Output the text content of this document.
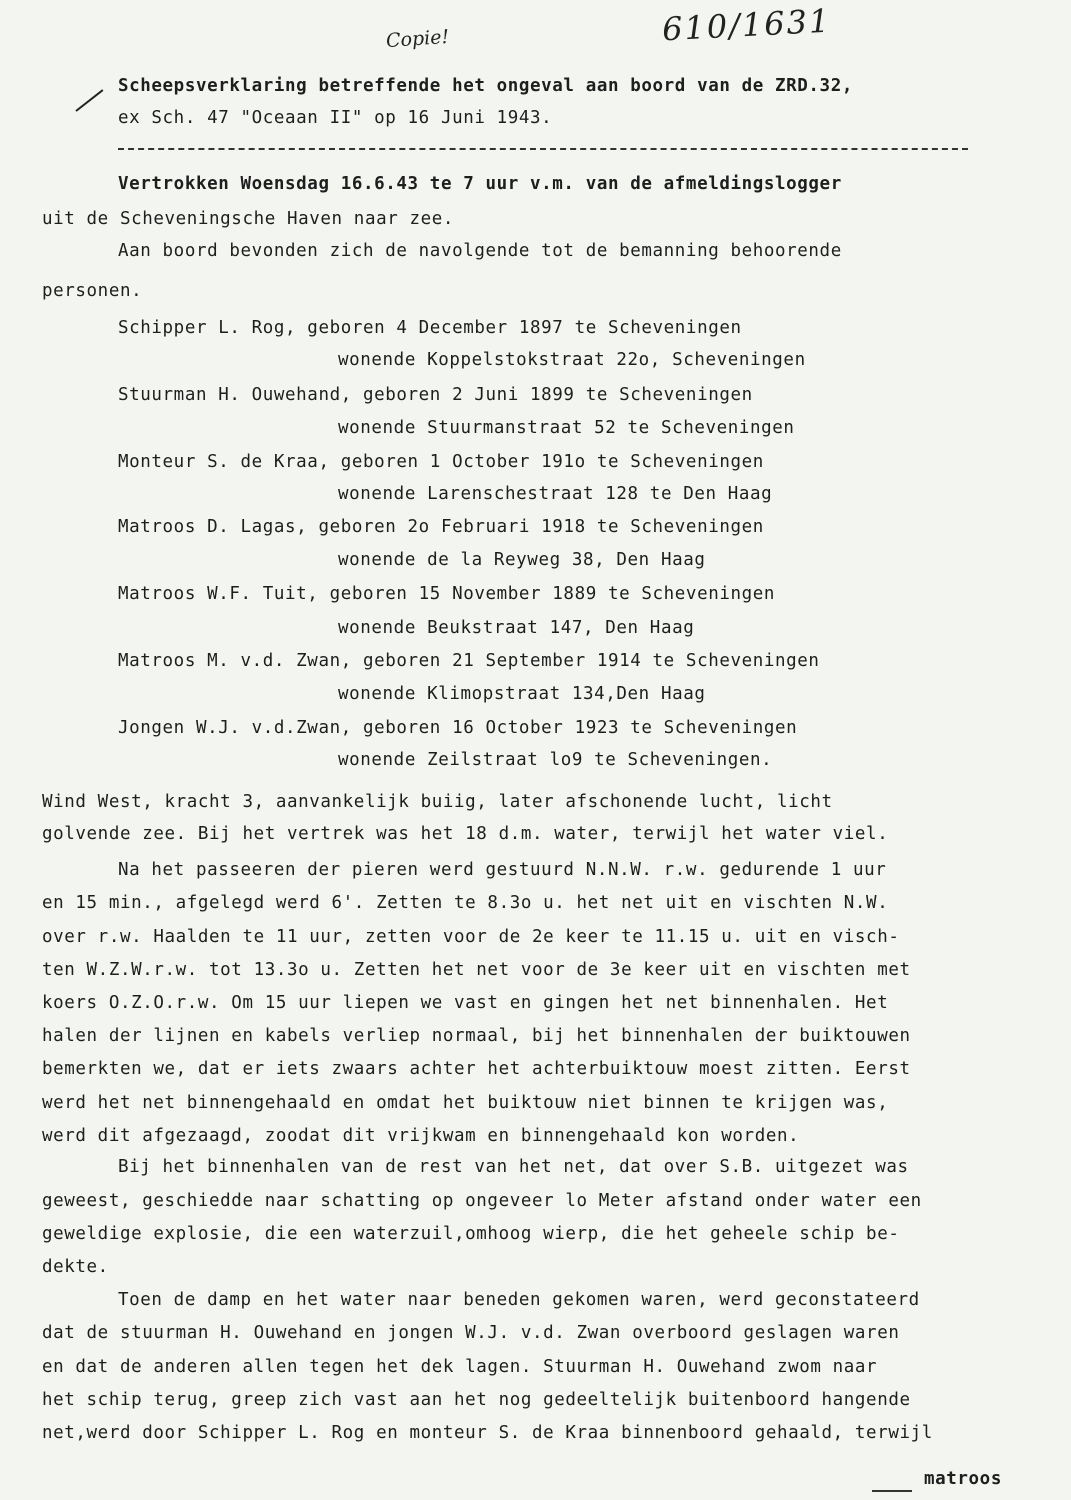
610/1631
Copie!
Scheepsverklaring betreffende het ongeval aan boord van de ZRD.32,
ex Sch. 47 "Oceaan II" op 16 Juni 1943.
Vertrokken Woensdag 16.6.43 te 7 uur v.m. van de afmeldingslogger
uit de Scheveningsche Haven naar zee.
Aan boord bevonden zich de navolgende tot de bemanning behoorende
personen.
Schipper L. Rog, geboren 4 December 1897 te Scheveningen
wonende Koppelstokstraat 22o, Scheveningen
Stuurman H. Ouwehand, geboren 2 Juni 1899 te Scheveningen
wonende Stuurmanstraat 52 te Scheveningen
Monteur S. de Kraa, geboren 1 October 191o te Scheveningen
wonende Larenschestraat 128 te Den Haag
Matroos D. Lagas, geboren 2o Februari 1918 te Scheveningen
wonende de la Reyweg 38, Den Haag
Matroos W.F. Tuit, geboren 15 November 1889 te Scheveningen
wonende Beukstraat 147, Den Haag
Matroos M. v.d. Zwan, geboren 21 September 1914 te Scheveningen
wonende Klimopstraat 134,Den Haag
Jongen W.J. v.d.Zwan, geboren 16 October 1923 te Scheveningen
wonende Zeilstraat lo9 te Scheveningen.
Wind West, kracht 3, aanvankelijk buiig, later afschonende lucht, licht
golvende zee. Bij het vertrek was het 18 d.m. water, terwijl het water viel.
Na het passeeren der pieren werd gestuurd N.N.W. r.w. gedurende 1 uur
en 15 min., afgelegd werd 6'. Zetten te 8.3o u. het net uit en vischten N.W.
over r.w. Haalden te 11 uur, zetten voor de 2e keer te 11.15 u. uit en visch-
ten W.Z.W.r.w. tot 13.3o u. Zetten het net voor de 3e keer uit en vischten met
koers O.Z.O.r.w. Om 15 uur liepen we vast en gingen het net binnenhalen. Het
halen der lijnen en kabels verliep normaal, bij het binnenhalen der buiktouwen
bemerkten we, dat er iets zwaars achter het achterbuiktouw moest zitten. Eerst
werd het net binnengehaald en omdat het buiktouw niet binnen te krijgen was,
werd dit afgezaagd, zoodat dit vrijkwam en binnengehaald kon worden.
Bij het binnenhalen van de rest van het net, dat over S.B. uitgezet was
geweest, geschiedde naar schatting op ongeveer lo Meter afstand onder water een
geweldige explosie, die een waterzuil,omhoog wierp, die het geheele schip be-
dekte.
Toen de damp en het water naar beneden gekomen waren, werd geconstateerd
dat de stuurman H. Ouwehand en jongen W.J. v.d. Zwan overboord geslagen waren
en dat de anderen allen tegen het dek lagen. Stuurman H. Ouwehand zwom naar
het schip terug, greep zich vast aan het nog gedeeltelijk buitenboord hangende
net,werd door Schipper L. Rog en monteur S. de Kraa binnenboord gehaald, terwijl
matroos
